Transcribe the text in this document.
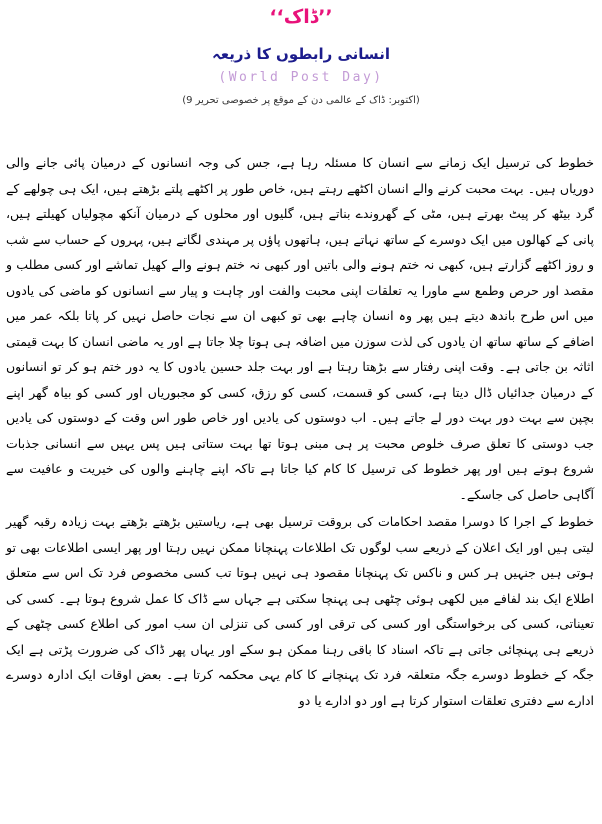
‘‘ڈاک’’
انسانی رابطوں کا ذریعہ
(World Post Day)
(9 اکتوبر: ڈاک کے عالمی دن کے موقع پر خصوصی تحریر)

خطوط کی ترسیل ایک زمانے سے انسان کا مسئلہ رہا ہے، جس کی وجہ انسانوں کے درمیان پائی جانے والی دوریاں ہیں۔ بہت محبت کرنے والے انسان اکٹھے رہتے ہیں، خاص طور پر اکٹھے پلتے بڑھتے ہیں، ایک ہی چولھے کے گرد بیٹھ کر پیٹ بھرتے ہیں، مٹی کے گھروندے بناتے ہیں، گلیوں اور محلوں کے درمیان آنکھ مچولیاں کھیلتے ہیں، پانی کے کھالوں میں ایک دوسرے کے ساتھ نہاتے ہیں، ہاتھوں پاؤں پر مہندی لگاتے ہیں، پہروں کے حساب سے شب و روز اکٹھے گزارتے ہیں، کبھی نہ ختم ہونے والی باتیں اور کبھی نہ ختم ہونے والے کھیل تماشے اور کسی مطلب و مقصد اور حرص وطمع سے ماورا یہ تعلقات اپنی محبت والفت اور چاہت و پیار سے انسانوں کو ماضی کی یادوں میں اس طرح باندھ دیتے ہیں پھر وہ انسان چاہے بھی تو کبھی ان سے نجات حاصل نہیں کر پاتا بلکہ عمر میں اضافے کے ساتھ ساتھ ان یادوں کی لذت سوزن میں اضافہ ہی ہوتا چلا جاتا ہے اور یہ ماضی انسان کا بہت قیمتی اثاثہ بن جاتی ہے۔ وقت اپنی رفتار سے بڑھتا رہتا ہے اور بہت جلد حسین یادوں کا یہ دور ختم ہو کر تو انسانوں کے درمیان جدائیاں ڈال دیتا ہے، کسی کو قسمت، کسی کو رزق، کسی کو مجبوریاں اور کسی کو بیاہ گھر اپنے بچپن سے بہت دور بہت دور لے جاتے ہیں۔ اب دوستوں کی یادیں اور خاص طور اس وقت کے دوستوں کی یادیں جب دوستی کا تعلق صرف خلوص محبت پر ہی مبنی ہوتا تھا بہت ستاتی ہیں پس یہیں سے انسانی جذبات شروع ہوتے ہیں اور پھر خطوط کی ترسیل کا کام کیا جاتا ہے تاکہ اپنے چاہنے والوں کی خیریت و عافیت سے آگاہی حاصل کی جاسکے۔

خطوط کے اجرا کا دوسرا مقصد احکامات کی بروقت ترسیل بھی ہے، ریاستیں بڑھتے بڑھتے بہت زیادہ رقبہ گھیر لیتی ہیں اور ایک اعلان کے ذریعے سب لوگوں تک اطلاعات پہنچانا ممکن نہیں رہتا اور پھر ایسی اطلاعات بھی تو ہوتی ہیں جنہیں ہر کس و ناکس تک پہنچانا مقصود ہی نہیں ہوتا تب کسی مخصوص فرد تک اس سے متعلق اطلاع ایک بند لفافے میں لکھی ہوئی چٹھی ہی پہنچا سکتی ہے جہاں سے ڈاک کا عمل شروع ہوتا ہے۔ کسی کی تعیناتی، کسی کی برخواستگی اور کسی کی ترقی اور کسی کی تنزلی ان سب امور کی اطلاع کسی چٹھی کے ذریعے ہی پہنچائی جاتی ہے تاکہ اسناد کا باقی رہنا ممکن ہو سکے اور یہاں پھر ڈاک کی ضرورت پڑتی ہے ایک جگہ کے خطوط دوسرے جگہ متعلقہ فرد تک پہنچانے کا کام یہی محکمہ کرتا ہے۔ بعض اوقات ایک ادارہ دوسرے ادارے سے دفتری تعلقات استوار کرتا ہے اور دو ادارے یا دو
